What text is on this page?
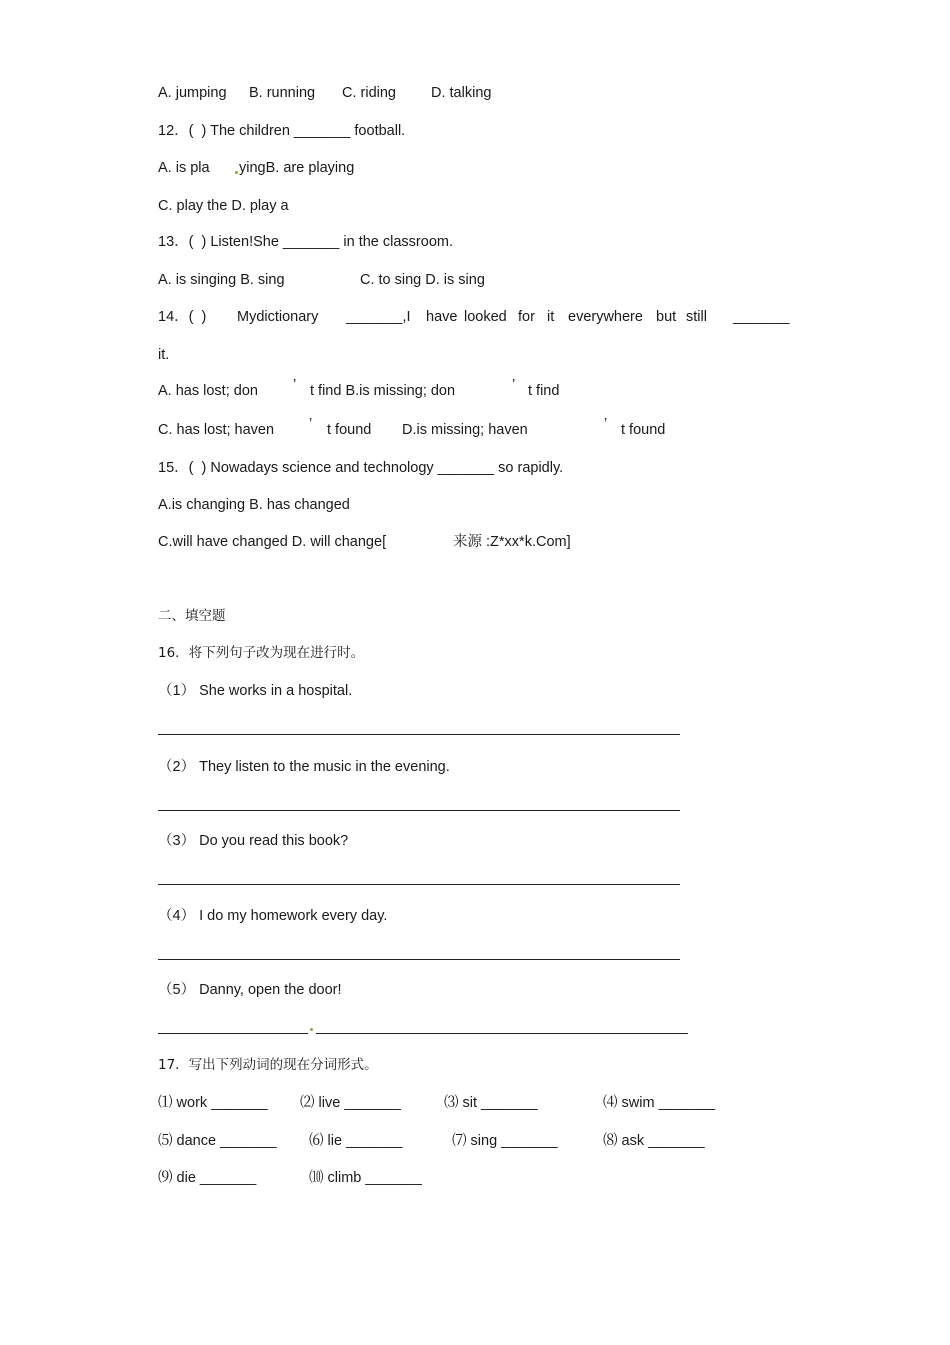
A. jumping B. running C. riding D. talking
12．(  ) The children _______ football.
A. is pla yingB. are playing
C. play the D. play a
13．(  ) Listen!She _______ in the classroom.
A. is singing B. sing	C. to sing D. is sing
14．(  ) Mydictionary _______,I have looked for it everywhere but still _______
it.
A. has lost; don ’ t find B.is missing; don	’ t find
C. has lost; haven ’ t found D.is missing; haven	’ t found
15．(  ) Nowadays science and technology _______ so rapidly.
A.is changing B. has changed
C.will have changed D. will change[	来源 :Z*xx*k.Com]
二、填空题
16．将下列句子改为现在进行时。
（1） She works in a hospital.
（2） They listen to the music in the evening.
（3） Do you read this book?
（4） I do my homework every day.
（5） Danny, open the door!
17．写出下列动词的现在分词形式。
⑴ work _______ ⑵ live _______	⑶ sit _______	⑷ swim _______
⑸ dance _______ ⑹ lie _______	⑺ sing _______	⑻ ask _______
⑼ die _______	⑽ climb _______
